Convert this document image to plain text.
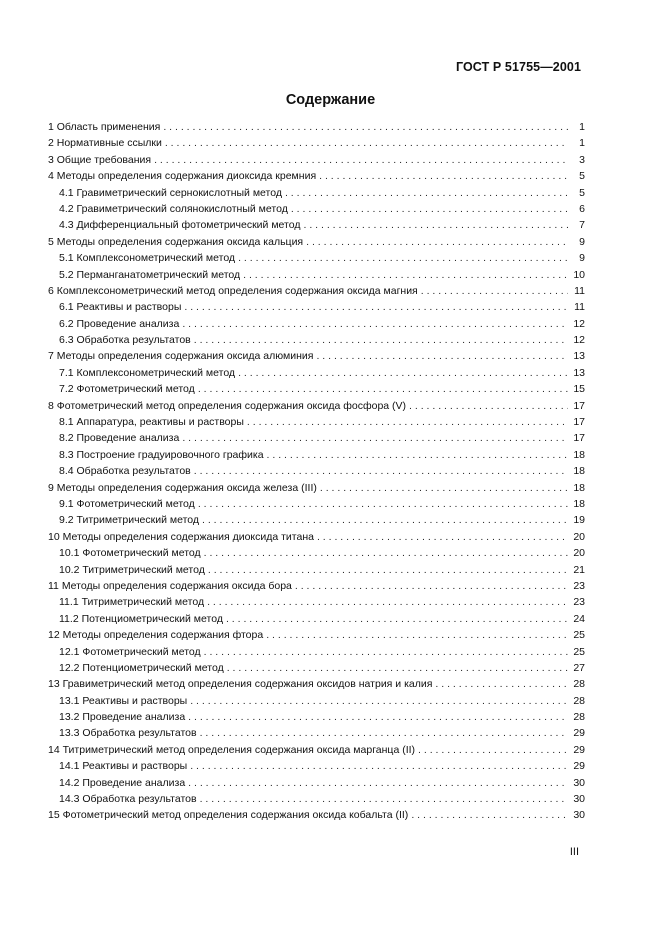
ГОСТ Р 51755—2001
Содержание
1 Область применения . . .	1
2 Нормативные ссылки . . .	1
3 Общие требования . . .	3
4 Методы определения содержания диоксида кремния . . .	5
4.1 Гравиметрический сернокислотный метод . . .	5
4.2 Гравиметрический солянокислотный метод . . .	6
4.3 Дифференциальный фотометрический метод . . .	7
5 Методы определения содержания оксида кальция . . .	9
5.1 Комплексонометрический метод . . .	9
5.2 Перманганатометрический метод . . .	10
6 Комплексонометрический метод определения содержания оксида магния . . .	11
6.1 Реактивы и растворы . . .	11
6.2 Проведение анализа . . .	12
6.3 Обработка результатов . . .	12
7 Методы определения содержания оксида алюминия . . .	13
7.1 Комплексонометрический метод . . .	13
7.2 Фотометрический метод . . .	15
8 Фотометрический метод определения содержания оксида фосфора (V) . . .	17
8.1 Аппаратура, реактивы и растворы . . .	17
8.2 Проведение анализа . . .	17
8.3 Построение градуировочного графика . . .	18
8.4 Обработка результатов . . .	18
9 Методы определения содержания оксида железа (III) . . .	18
9.1 Фотометрический метод . . .	18
9.2 Титриметрический метод . . .	19
10 Методы определения содержания диоксида титана . . .	20
10.1 Фотометрический метод . . .	20
10.2 Титриметрический метод . . .	21
11 Методы определения содержания оксида бора . . .	23
11.1 Титриметрический метод . . .	23
11.2 Потенциометрический метод . . .	24
12 Методы определения содержания фтора . . .	25
12.1 Фотометрический метод . . .	25
12.2 Потенциометрический метод . . .	27
13 Гравиметрический метод определения содержания оксидов натрия и калия . . .	28
13.1 Реактивы и растворы . . .	28
13.2 Проведение анализа . . .	28
13.3 Обработка результатов . . .	29
14 Титриметрический метод определения содержания оксида марганца (II) . . .	29
14.1 Реактивы и растворы . . .	29
14.2 Проведение анализа . . .	30
14.3 Обработка результатов . . .	30
15 Фотометрический метод определения содержания оксида кобальта (II) . . .	30
III
